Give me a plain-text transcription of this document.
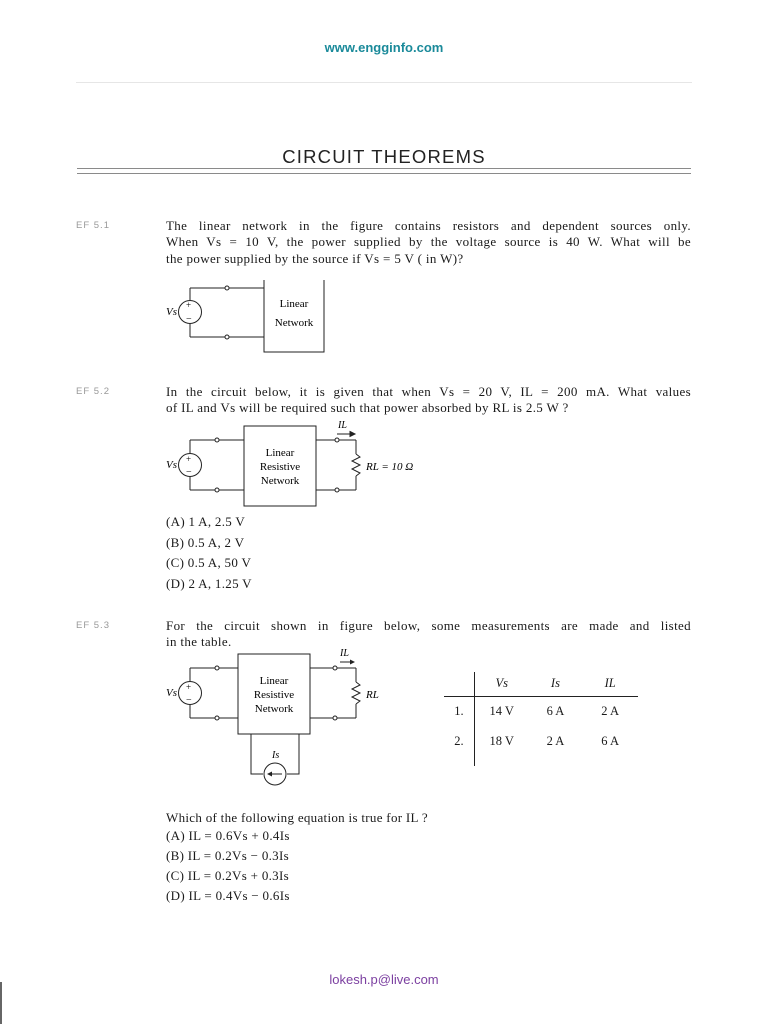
www.engginfo.com
CIRCUIT THEOREMS
EF 5.1	The linear network in the figure contains resistors and dependent sources only.
When Vs = 10 V, the power supplied by the voltage source is 40 W. What will be
the power supplied by the source if Vs = 5 V ( in W)?
+
−
Vs
Linear
Network
EF 5.2	In the circuit below, it is given that when Vs = 20 V, IL = 200 mA. What values
of IL and Vs will be required such that power absorbed by RL is 2.5 W ?
+
−
Vs
Linear
Resistive
Network
IL
RL = 10 Ω
(A) 1 A, 2.5 V
(B) 0.5 A, 2 V
(C) 0.5 A, 50 V
(D) 2 A, 1.25 V
EF 5.3	For the circuit shown in figure below, some measurements are made and listed
in the table.
+
−
Vs
Linear
Resistive
Network
IL
RL
Is
	Vs	Is	IL
1.	14 V	6 A	2 A
2.	18 V	2 A	6 A

Which of the following equation is true for IL ?
(A) IL = 0.6Vs + 0.4Is
(B) IL = 0.2Vs − 0.3Is
(C) IL = 0.2Vs + 0.3Is
(D) IL = 0.4Vs − 0.6Is
lokesh.p@live.com
